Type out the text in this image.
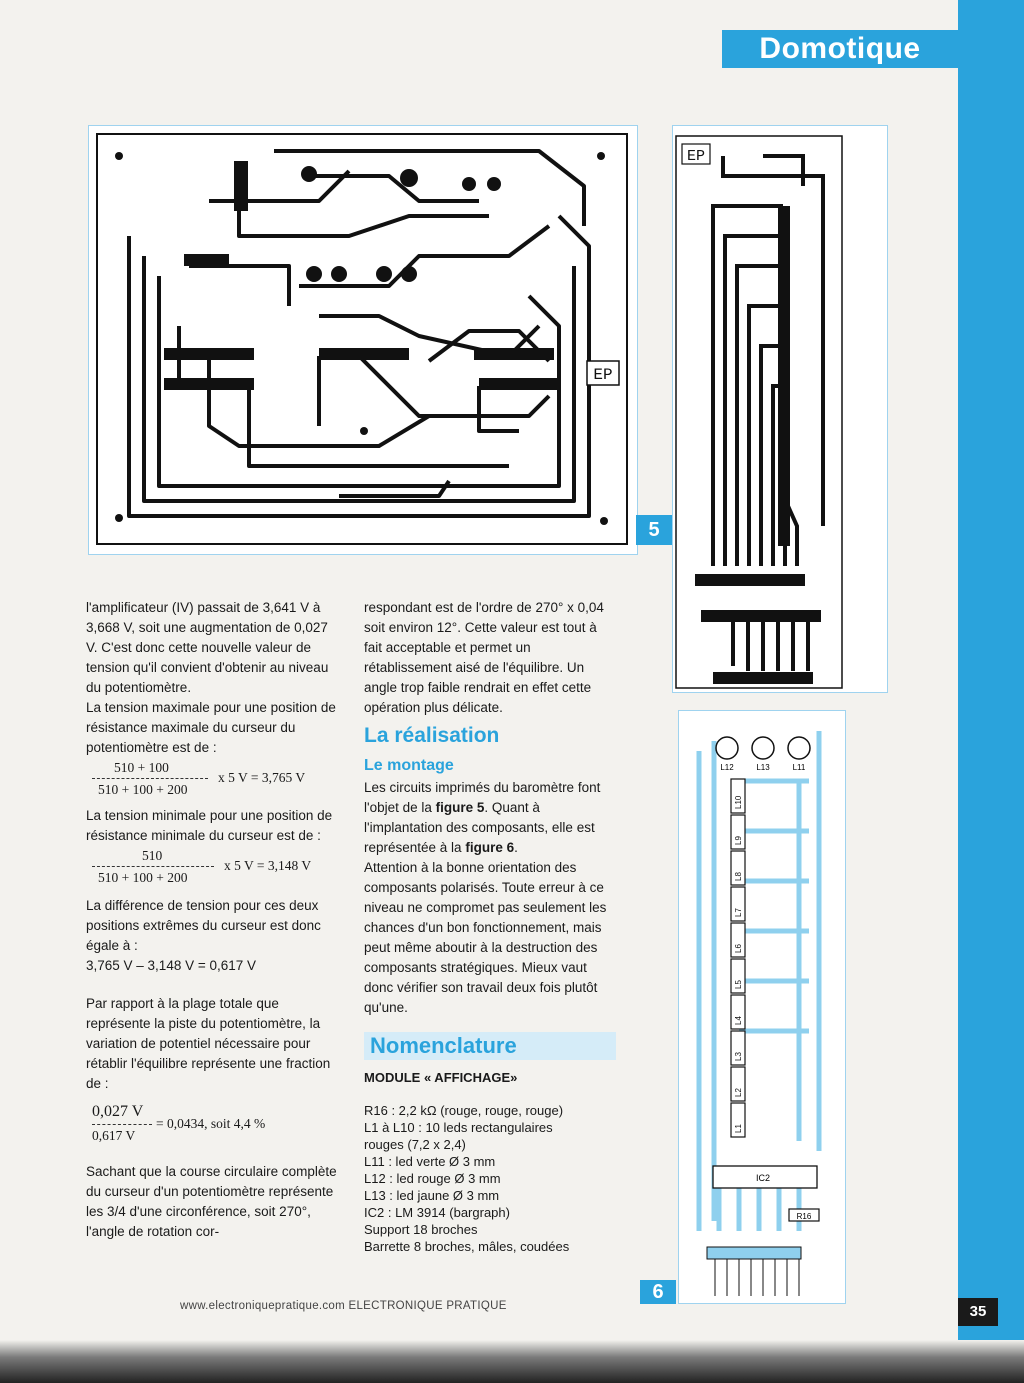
Domotique
EP
5
EP
L12	L13	L11
L10
L9
L8
L7
L6
L5
L4
L3
L2
L1
IC2
R16
6

l'amplificateur (IV) passait de 3,641 V à 3,668 V, soit une augmentation de 0,027 V. C'est donc cette nouvelle valeur de tension qu'il convient d'obtenir au niveau du potentiomètre.

La tension maximale pour une position de résistance maximale du curseur du potentiomètre est de :

510 + 100
510 + 100 + 200
x 5 V = 3,765 V

La tension minimale pour une position de résistance minimale du curseur est de :

510
510 + 100 + 200
x 5 V = 3,148 V

La différence de tension pour ces deux positions extrêmes du curseur est donc égale à :

3,765 V – 3,148 V = 0,617 V

Par rapport à la plage totale que représente la piste du potentiomètre, la variation de potentiel nécessaire pour rétablir l'équilibre représente une fraction de :

0,027 V
0,617 V
= 0,0434, soit 4,4 %

Sachant que la course circulaire complète du curseur d'un potentiomètre représente les 3/4 d'une circonférence, soit 270°, l'angle de rotation cor-

respondant est de l'ordre de 270° x 0,04 soit environ 12°. Cette valeur est tout à fait acceptable et permet un rétablissement aisé de l'équilibre. Un angle trop faible rendrait en effet cette opération plus délicate.

La réalisation
Le montage

Les circuits imprimés du baromètre font l'objet de la figure 5. Quant à l'implantation des composants, elle est représentée à la figure 6.

Attention à la bonne orientation des composants polarisés. Toute erreur à ce niveau ne compromet pas seulement les chances d'un bon fonctionnement, mais peut même aboutir à la destruction des composants stratégiques. Mieux vaut donc vérifier son travail deux fois plutôt qu'une.

Nomenclature
MODULE « AFFICHAGE»
R16 : 2,2 kΩ (rouge, rouge, rouge)
L1 à L10 : 10 leds rectangulaires
rouges (7,2 x 2,4)
L11 : led verte Ø 3 mm
L12 : led rouge Ø 3 mm
L13 : led jaune Ø 3 mm
IC2 : LM 3914 (bargraph)
Support 18 broches
Barrette 8 broches, mâles, coudées
www.electroniquepratique.com ELECTRONIQUE PRATIQUE	35
